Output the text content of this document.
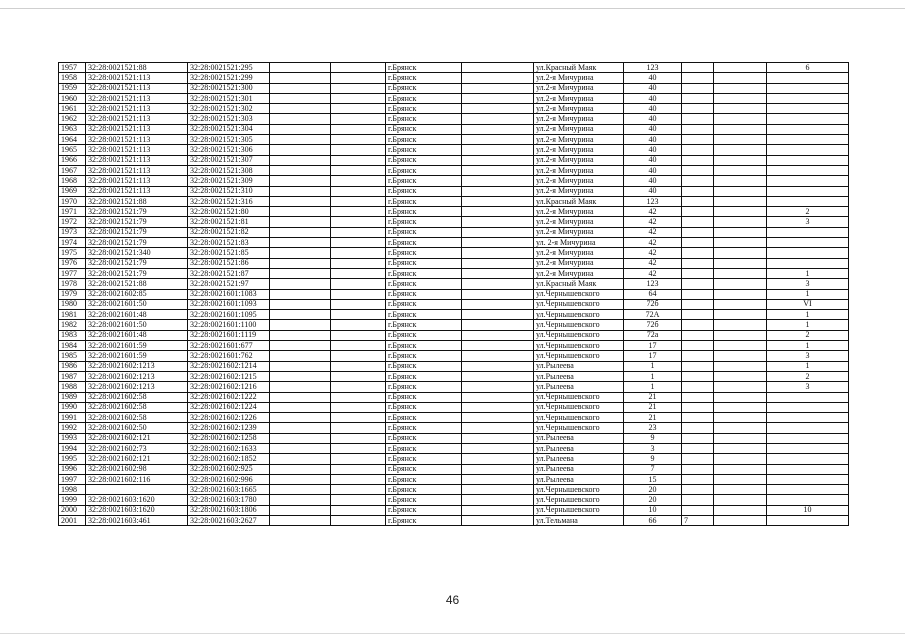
1957	32:28:0021521:88	32:28:0021521:295			г.Брянск		ул.Красный Маяк	123			6
1958	32:28:0021521:113	32:28:0021521:299			г.Брянск		ул.2-я Мичурина	40			
1959	32:28:0021521:113	32:28:0021521:300			г.Брянск		ул.2-я Мичурина	40			
1960	32:28:0021521:113	32:28:0021521:301			г.Брянск		ул.2-я Мичурина	40			
1961	32:28:0021521:113	32:28:0021521:302			г.Брянск		ул.2-я Мичурина	40			
1962	32:28:0021521:113	32:28:0021521:303			г.Брянск		ул.2-я Мичурина	40			
1963	32:28:0021521:113	32:28:0021521:304			г.Брянск		ул.2-я Мичурина	40			
1964	32:28:0021521:113	32:28:0021521:305			г.Брянск		ул.2-я Мичурина	40			
1965	32:28:0021521:113	32:28:0021521:306			г.Брянск		ул.2-я Мичурина	40			
1966	32:28:0021521:113	32:28:0021521:307			г.Брянск		ул.2-я Мичурина	40			
1967	32:28:0021521:113	32:28:0021521:308			г.Брянск		ул.2-я Мичурина	40			
1968	32:28:0021521:113	32:28:0021521:309			г.Брянск		ул.2-я Мичурина	40			
1969	32:28:0021521:113	32:28:0021521:310			г.Брянск		ул.2-я Мичурина	40			
1970	32:28:0021521:88	32:28:0021521:316			г.Брянск		ул.Красный Маяк	123			
1971	32:28:0021521:79	32:28:0021521:80			г.Брянск		ул.2-я Мичурина	42			2
1972	32:28:0021521:79	32:28:0021521:81			г.Брянск		ул.2-я Мичурина	42			3
1973	32:28:0021521:79	32:28:0021521:82			г.Брянск		ул.2-я Мичурина	42			
1974	32:28:0021521:79	32:28:0021521:83			г.Брянск		ул. 2-я Мичурина	42			
1975	32:28:0021521:340	32:28:0021521:85			г.Брянск		ул.2-я Мичурина	42			
1976	32:28:0021521:79	32:28:0021521:86			г.Брянск		ул.2-я Мичурина	42			
1977	32:28:0021521:79	32:28:0021521:87			г.Брянск		ул.2-я Мичурина	42			1
1978	32:28:0021521:88	32:28:0021521:97			г.Брянск		ул.Красный Маяк	123			3
1979	32:28:0021602:85	32:28:0021601:1083			г.Брянск		ул.Чернышевского	64			1
1980	32:28:0021601:50	32:28:0021601:1093			г.Брянск		ул.Чернышевского	72б			VI
1981	32:28:0021601:48	32:28:0021601:1095			г.Брянск		ул.Чернышевского	72А			1
1982	32:28:0021601:50	32:28:0021601:1100			г.Брянск		ул.Чернышевского	72б			1
1983	32:28:0021601:48	32:28:0021601:1119			г.Брянск		ул.Чернышевского	72а			2
1984	32:28:0021601:59	32:28:0021601:677			г.Брянск		ул.Чернышевского	17			1
1985	32:28:0021601:59	32:28:0021601:762			г.Брянск		ул.Чернышевского	17			3
1986	32:28:0021602:1213	32:28:0021602:1214			г.Брянск		ул.Рылеева	1			1
1987	32:28:0021602:1213	32:28:0021602:1215			г.Брянск		ул.Рылеева	1			2
1988	32:28:0021602:1213	32:28:0021602:1216			г.Брянск		ул.Рылеева	1			3
1989	32:28:0021602:58	32:28:0021602:1222			г.Брянск		ул.Чернышевского	21			
1990	32:28:0021602:58	32:28:0021602:1224			г.Брянск		ул.Чернышевского	21			
1991	32:28:0021602:58	32:28:0021602:1226			г.Брянск		ул.Чернышевского	21			
1992	32:28:0021602:50	32:28:0021602:1239			г.Брянск		ул.Чернышевского	23			
1993	32:28:0021602:121	32:28:0021602:1258			г.Брянск		ул.Рылеева	9			
1994	32:28:0021602:73	32:28:0021602:1633			г.Брянск		ул.Рылеева	3			
1995	32:28:0021602:121	32:28:0021602:1852			г.Брянск		ул.Рылеева	9			
1996	32:28:0021602:98	32:28:0021602:925			г.Брянск		ул.Рылеева	7			
1997	32:28:0021602:116	32:28:0021602:996			г.Брянск		ул.Рылеева	15			
1998		32:28:0021603:1665			г.Брянск		ул.Чернышевского	20			
1999	32:28:0021603:1620	32:28:0021603:1780			г.Брянск		ул.Чернышевского	20			
2000	32:28:0021603:1620	32:28:0021603:1806			г.Брянск		ул.Чернышевского	10			10
2001	32:28:0021603:461	32:28:0021603:2627			г.Брянск		ул.Тельмана	66	7		
46
